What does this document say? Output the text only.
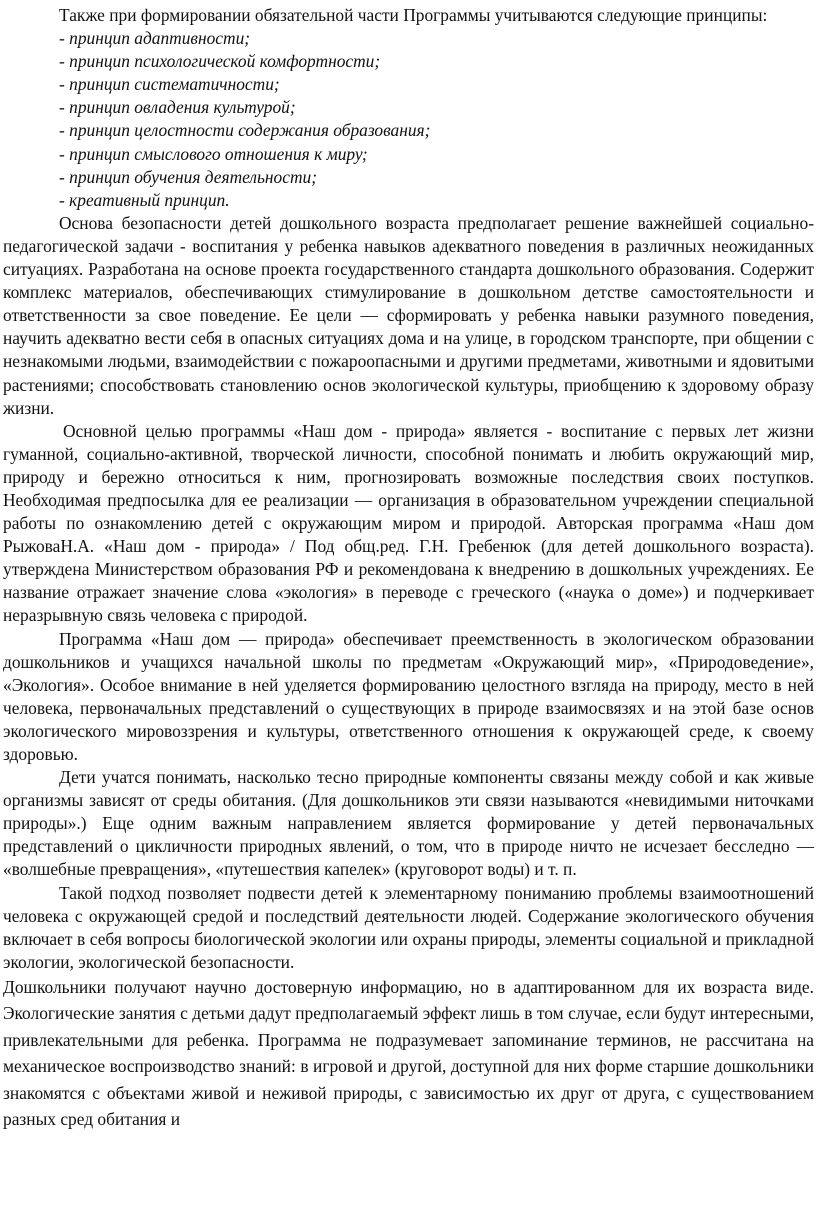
Также при формировании обязательной части Программы учитываются следующие принципы:

- принцип адаптивности;
- принцип психологической комфортности;
- принцип систематичности;
- принцип овладения культурой;
- принцип целостности содержания образования;
- принцип смыслового отношения к миру;
- принцип обучения деятельности;
- креативный принцип.

Основа безопасности детей дошкольного возраста предполагает решение важнейшей социально-педагогической задачи - воспитания у ребенка навыков адекватного поведения в различных неожиданных ситуациях. Разработана на основе проекта государственного стандарта дошкольного образования. Содержит комплекс материалов, обеспечивающих стимулирование в дошкольном детстве самостоятельности и ответственности за свое поведение. Ее цели — сформировать у ребенка навыки разумного поведения, научить адекватно вести себя в опасных ситуациях дома и на улице, в городском транспорте, при общении с незнакомыми людьми, взаимодействии с пожароопасными и другими предметами, животными и ядовитыми растениями; способствовать становлению основ экологической культуры, приобщению к здоровому образу жизни.

Основной целью программы «Наш дом - природа» является - воспитание с первых лет жизни гуманной, социально-активной, творческой личности, способной понимать и любить окружающий мир, природу и бережно относиться к ним, прогнозировать возможные последствия своих поступков. Необходимая предпосылка для ее реализации — организация в образовательном учреждении специальной работы по ознакомлению детей с окружающим миром и природой. Авторская программа «Наш дом РыжоваН.А. «Наш дом - природа» / Под общ.ред. Г.Н. Гребенюк (для детей дошкольного возраста). утверждена Министерством образования РФ и рекомендована к внедрению в дошкольных учреждениях. Ее название отражает значение слова «экология» в переводе с греческого («наука о доме») и подчеркивает неразрывную связь человека с природой.

Программа «Наш дом — природа» обеспечивает преемственность в экологическом образовании дошкольников и учащихся начальной школы по предметам «Окружающий мир», «Природоведение», «Экология». Особое внимание в ней уделяется формированию целостного взгляда на природу, место в ней человека, первоначальных представлений о существующих в природе взаимосвязях и на этой базе основ экологического мировоззрения и культуры, ответственного отношения к окружающей среде, к своему здоровью.

Дети учатся понимать, насколько тесно природные компоненты связаны между собой и как живые организмы зависят от среды обитания. (Для дошкольников эти связи называются «невидимыми ниточками природы».) Еще одним важным направлением является формирование у детей первоначальных представлений о цикличности природных явлений, о том, что в природе ничто не исчезает бесследно — «волшебные превращения», «путешествия капелек» (круговорот воды) и т. п.

Такой подход позволяет подвести детей к элементарному пониманию проблемы взаимоотношений человека с окружающей средой и последствий деятельности людей. Содержание экологического обучения включает в себя вопросы биологической экологии или охраны природы, элементы социальной и прикладной экологии, экологической безопасности.

Дошкольники получают научно достоверную информацию, но в адаптированном для их возраста виде. Экологические занятия с детьми дадут предполагаемый эффект лишь в том случае, если будут интересными, привлекательными для ребенка. Программа не подразумевает запоминание терминов, не рассчитана на механическое воспроизводство знаний: в игровой и другой, доступной для них форме старшие дошкольники знакомятся с объектами живой и неживой природы, с зависимостью их друг от друга, с существованием разных сред обитания и
